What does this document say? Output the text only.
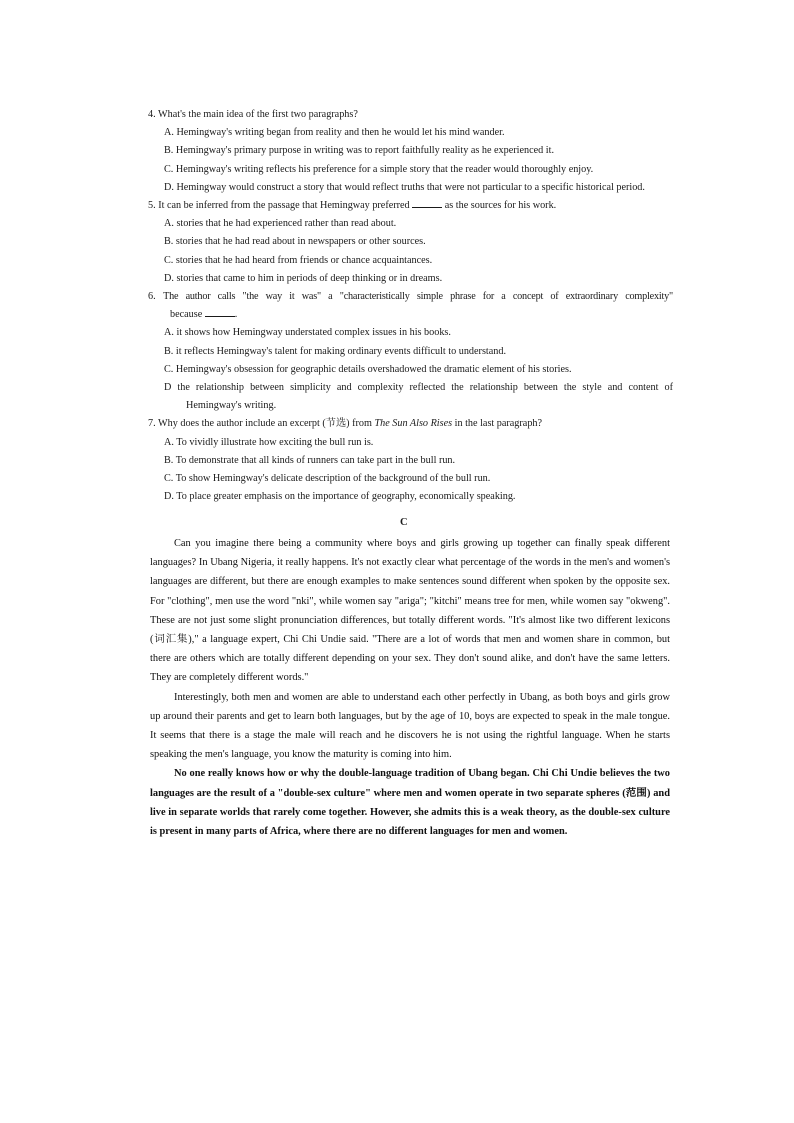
4. What's the main idea of the first two paragraphs?

A. Hemingway's writing began from reality and then he would let his mind wander.

B. Hemingway's primary purpose in writing was to report faithfully reality as he experienced it.

C. Hemingway's writing reflects his preference for a simple story that the reader would thoroughly enjoy.

D. Hemingway would construct a story that would reflect truths that were not particular to a specific historical period.

5. It can be inferred from the passage that Hemingway preferred	as the sources for his work.

A. stories that he had experienced rather than read about.

B. stories that he had read about in newspapers or other sources.

C. stories that he had heard from friends or chance acquaintances.

D. stories that came to him in periods of deep thinking or in dreams.

6. The author calls "the way it was" a "characteristically simple phrase for a concept of extraordinary complexity"

because	.

A. it shows how Hemingway understated complex issues in his books.

B. it reflects Hemingway's talent for making ordinary events difficult to understand.

C. Hemingway's obsession for geographic details overshadowed the dramatic element of his stories.

D the relationship between simplicity and complexity reflected the relationship between the style and content of

Hemingway's writing.

7. Why does the author include an excerpt (节选) from The Sun Also Rises in the last paragraph?

A. To vividly illustrate how exciting the bull run is.

B. To demonstrate that all kinds of runners can take part in the bull run.

C. To show Hemingway's delicate description of the background of the bull run.

D. To place greater emphasis on the importance of geography, economically speaking.

C

Can you imagine there being a community where boys and girls growing up together can finally speak different languages? In Ubang Nigeria, it really happens. It's not exactly clear what percentage of the words in the men's and women's languages are different, but there are enough examples to make sentences sound different when spoken by the opposite sex. For "clothing", men use the word "nki", while women say "ariga"; "kitchi" means tree for men, while women say "okweng". These are not just some slight pronunciation differences, but totally different words. "It's almost like two different lexicons (词汇集)," a language expert, Chi Chi Undie said. "There are a lot of words that men and women share in common, but there are others which are totally different depending on your sex. They don't sound alike, and don't have the same letters. They are completely different words."

Interestingly, both men and women are able to understand each other perfectly in Ubang, as both boys and girls grow up around their parents and get to learn both languages, but by the age of 10, boys are expected to speak in the male tongue. It seems that there is a stage the male will reach and he discovers he is not using the rightful language. When he starts speaking the men's language, you know the maturity is coming into him.

No one really knows how or why the double-language tradition of Ubang began. Chi Chi Undie believes the two languages are the result of a "double-sex culture" where men and women operate in two separate spheres (范围) and live in separate worlds that rarely come together. However, she admits this is a weak theory, as the double-sex culture is present in many parts of Africa, where there are no different languages for men and women.
